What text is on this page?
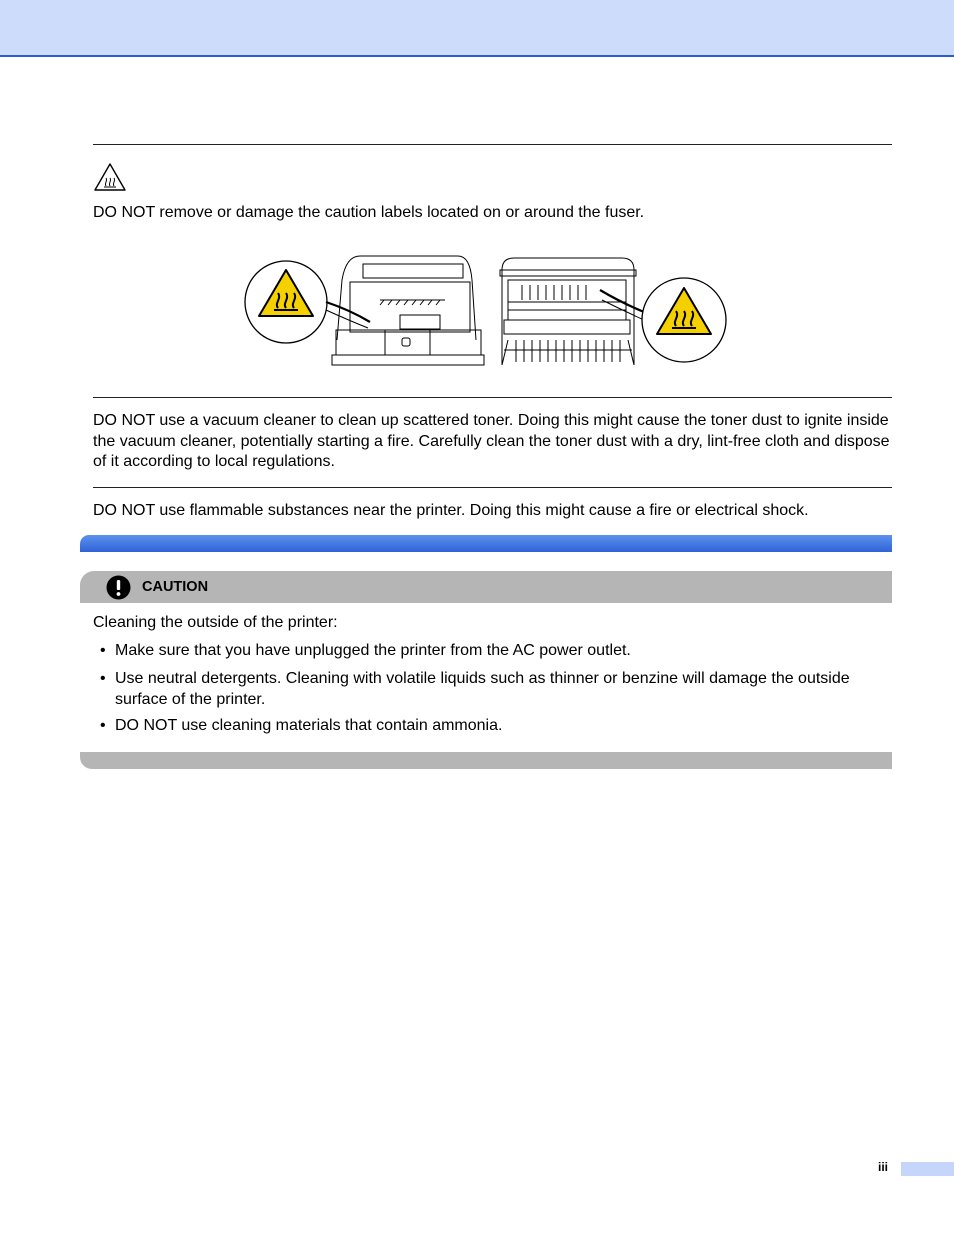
DO NOT remove or damage the caution labels located on or around the fuser.

DO NOT use a vacuum cleaner to clean up scattered toner. Doing this might cause the toner dust to ignite inside the vacuum cleaner, potentially starting a fire. Carefully clean the toner dust with a dry, lint-free cloth and dispose of it according to local regulations.

DO NOT use flammable substances near the printer. Doing this might cause a fire or electrical shock.

CAUTION

Cleaning the outside of the printer:

• Make sure that you have unplugged the printer from the AC power outlet.

• Use neutral detergents. Cleaning with volatile liquids such as thinner or benzine will damage the outside surface of the printer.

• DO NOT use cleaning materials that contain ammonia.

iii
